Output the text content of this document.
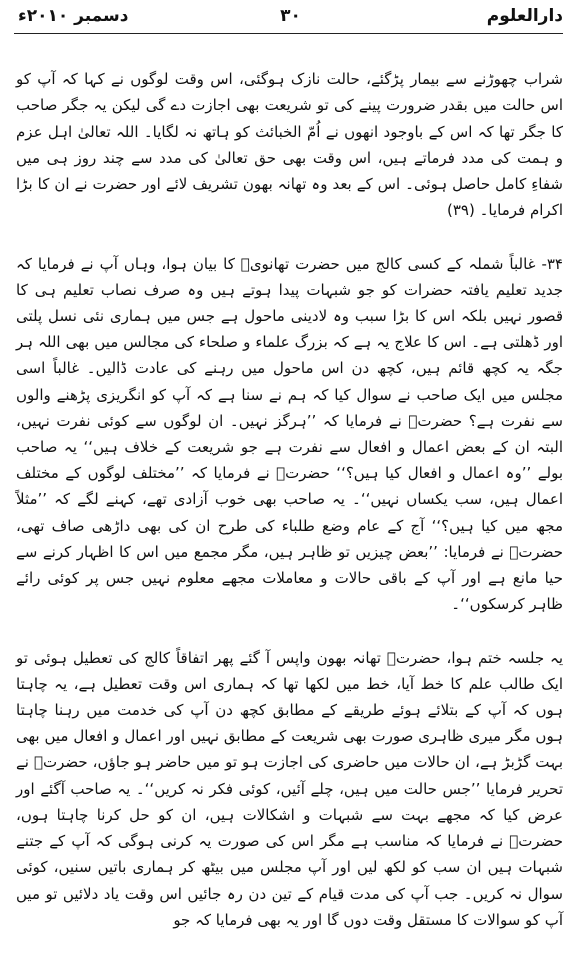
دارالعلوم
۳۰
دسمبر ۲۰۱۰ء

شراب چھوڑنے سے بیمار پڑگئے، حالت نازک ہوگئی، اس وقت لوگوں نے کہا کہ آپ کو اس حالت میں بقدر ضرورت پینے کی تو شریعت بھی اجازت دے گی لیکن یہ جگر صاحب کا جگر تھا کہ اس کے باوجود انھوں نے اُمّ الخبائث کو ہاتھ نہ لگایا۔ اللہ تعالیٰ اہل عزم و ہمت کی مدد فرماتے ہیں، اس وقت بھی حق تعالیٰ کی مدد سے چند روز ہی میں شفاءِ کامل حاصل ہوئی۔ اس کے بعد وہ تھانہ بھون تشریف لائے اور حضرت نے ان کا بڑا اکرام فرمایا۔ (۳۹)

۳۴- غالباً شملہ کے کسی کالج میں حضرت تھانویؒ کا بیان ہوا، وہاں آپ نے فرمایا کہ جدید تعلیم یافتہ حضرات کو جو شبہات پیدا ہوتے ہیں وہ صرف نصاب تعلیم ہی کا قصور نہیں بلکہ اس کا بڑا سبب وہ لادینی ماحول ہے جس میں ہماری نئی نسل پلتی اور ڈھلتی ہے۔ اس کا علاج یہ ہے کہ بزرگ علماء و صلحاء کی مجالس میں بھی اللہ ہر جگہ یہ کچھ قائم ہیں، کچھ دن اس ماحول میں رہنے کی عادت ڈالیں۔ غالباً اسی مجلس میں ایک صاحب نے سوال کیا کہ ہم نے سنا ہے کہ آپ کو انگریزی پڑھنے والوں سے نفرت ہے؟ حضرتؒ نے فرمایا کہ ’’ہرگز نہیں۔ ان لوگوں سے کوئی نفرت نہیں، البتہ ان کے بعض اعمال و افعال سے نفرت ہے جو شریعت کے خلاف ہیں‘‘ یہ صاحب بولے ’’وہ اعمال و افعال کیا ہیں؟‘‘ حضرتؒ نے فرمایا کہ ’’مختلف لوگوں کے مختلف اعمال ہیں، سب یکساں نہیں‘‘۔ یہ صاحب بھی خوب آزادی تھے، کہنے لگے کہ ’’مثلاً مجھ میں کیا ہیں؟‘‘ آج کے عام وضع طلباء کی طرح ان کی بھی داڑھی صاف تھی، حضرتؒ نے فرمایا: ’’بعض چیزیں تو ظاہر ہیں، مگر مجمع میں اس کا اظہار کرنے سے حیا مانع ہے اور آپ کے باقی حالات و معاملات مجھے معلوم نہیں جس پر کوئی رائے ظاہر کرسکوں‘‘۔

یہ جلسہ ختم ہوا، حضرتؒ تھانہ بھون واپس آ گئے پھر اتفاقاً کالج کی تعطیل ہوئی تو ایک طالب علم کا خط آیا، خط میں لکھا تھا کہ ہماری اس وقت تعطیل ہے، یہ چاہتا ہوں کہ آپ کے بتلائے ہوئے طریقے کے مطابق کچھ دن آپ کی خدمت میں رہنا چاہتا ہوں مگر میری ظاہری صورت بھی شریعت کے مطابق نہیں اور اعمال و افعال میں بھی بہت گڑبڑ ہے، ان حالات میں حاضری کی اجازت ہو تو میں حاضر ہو جاؤں، حضرتؒ نے تحریر فرمایا ’’جس حالت میں ہیں، چلے آئیں، کوئی فکر نہ کریں‘‘۔ یہ صاحب آگئے اور عرض کیا کہ مجھے بہت سے شبہات و اشکالات ہیں، ان کو حل کرنا چاہتا ہوں، حضرتؒ نے فرمایا کہ مناسب ہے مگر اس کی صورت یہ کرنی ہوگی کہ آپ کے جتنے شبہات ہیں ان سب کو لکھ لیں اور آپ مجلس میں بیٹھ کر ہماری باتیں سنیں، کوئی سوال نہ کریں۔ جب آپ کی مدت قیام کے تین دن رہ جائیں اس وقت یاد دلائیں تو میں آپ کو سوالات کا مستقل وقت دوں گا اور یہ بھی فرمایا کہ جو
